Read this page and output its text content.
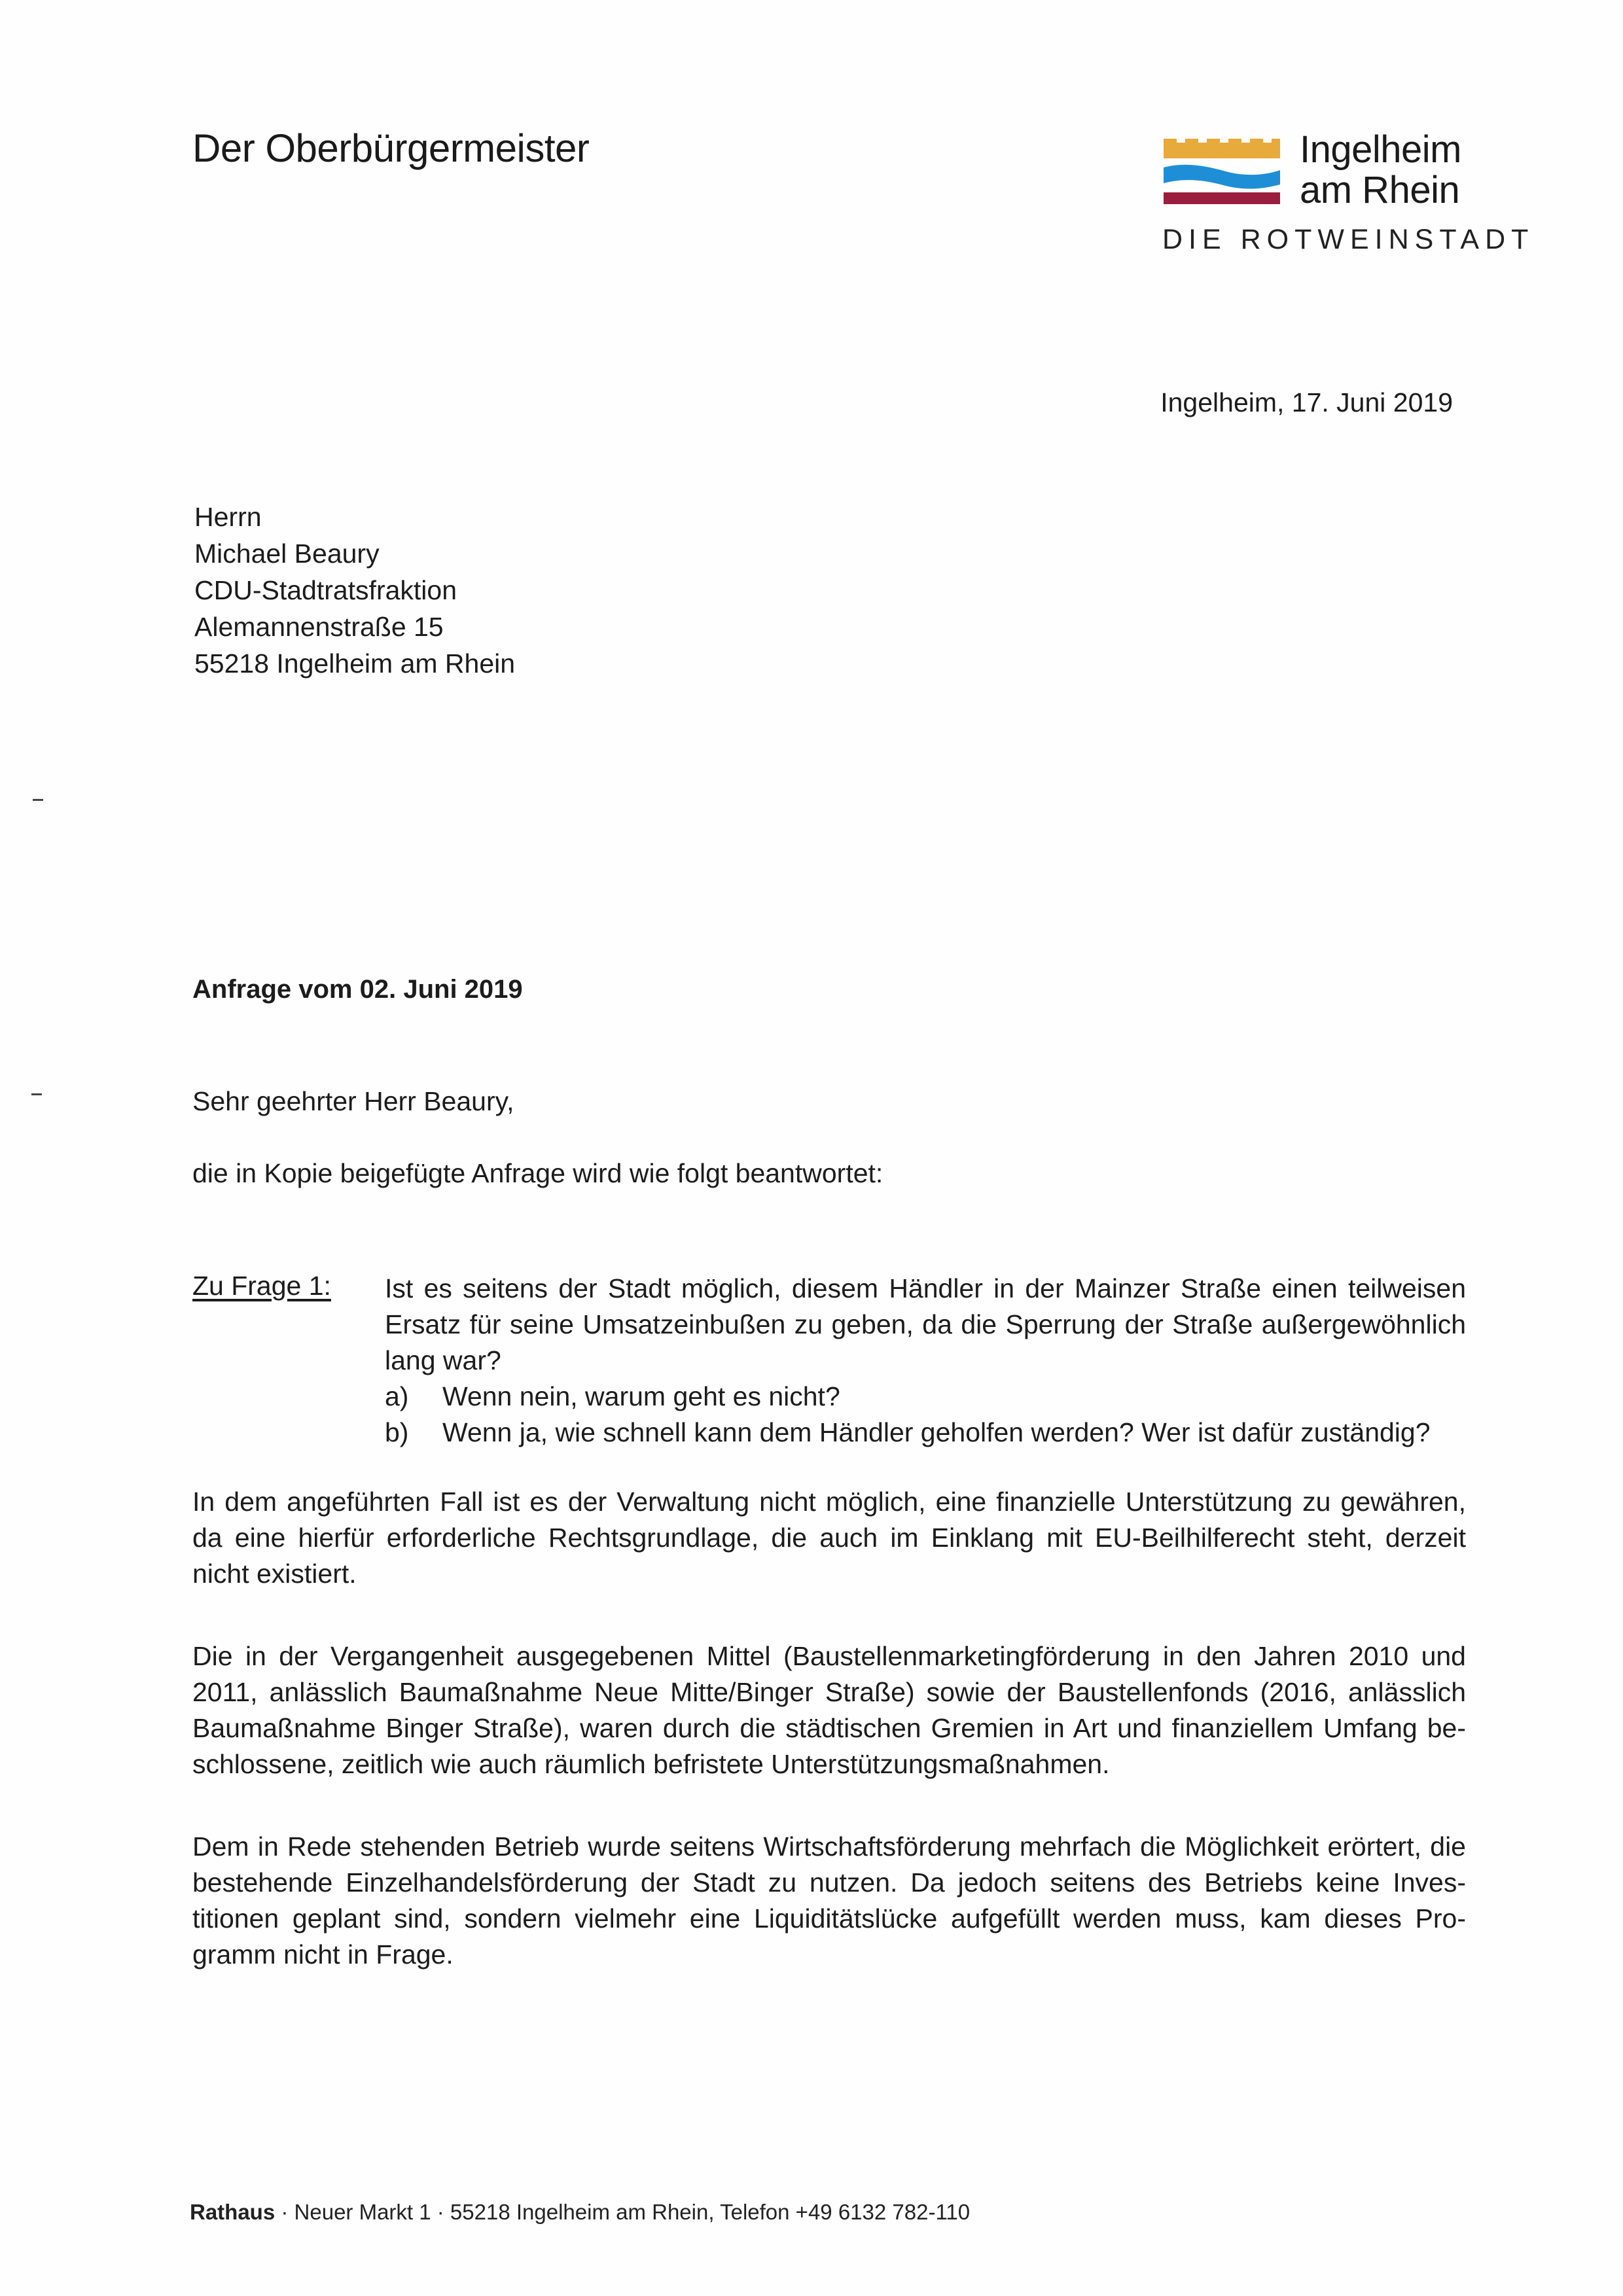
Der Oberbürgermeister	Ingelheim
am Rhein
DIE ROTWEINSTADT
Ingelheim, 17. Juni 2019
Herrn
Michael Beaury
CDU-Stadtratsfraktion
Alemannenstraße 15
55218 Ingelheim am Rhein
Anfrage vom 02. Juni 2019
Sehr geehrter Herr Beaury,
die in Kopie beigefügte Anfrage wird wie folgt beantwortet:
Zu Frage 1: Ist es seitens der Stadt möglich, diesem Händler in der Mainzer Straße einen teilweisen Ersatz für seine Umsatzeinbußen zu geben, da die Sperrung der Straße außergewöhnlich lang war?
a)	Wenn nein, warum geht es nicht?
b)	Wenn ja, wie schnell kann dem Händler geholfen werden? Wer ist dafür zuständig?

In dem angeführten Fall ist es der Verwaltung nicht möglich, eine finanzielle Unterstützung zu gewähren, da eine hierfür erforderliche Rechtsgrundlage, die auch im Einklang mit EU-Beilhilferecht steht, derzeit nicht existiert.

Die in der Vergangenheit ausgegebenen Mittel (Baustellenmarketingförderung in den Jahren 2010 und 2011, anlässlich Baumaßnahme Neue Mitte/Binger Straße) sowie der Baustellenfonds (2016, anlässlich Baumaßnahme Binger Straße), waren durch die städtischen Gremien in Art und finanziellem Umfang beschlossene, zeitlich wie auch räumlich befristete Unterstützungsmaßnahmen.

Dem in Rede stehenden Betrieb wurde seitens Wirtschaftsförderung mehrfach die Möglichkeit erörtert, die bestehende Einzelhandelsförderung der Stadt zu nutzen. Da jedoch seitens des Betriebs keine Investitionen geplant sind, sondern vielmehr eine Liquiditätslücke aufgefüllt werden muss, kam dieses Programm nicht in Frage.

Rathaus · Neuer Markt 1 · 55218 Ingelheim am Rhein, Telefon +49 6132 782-110
